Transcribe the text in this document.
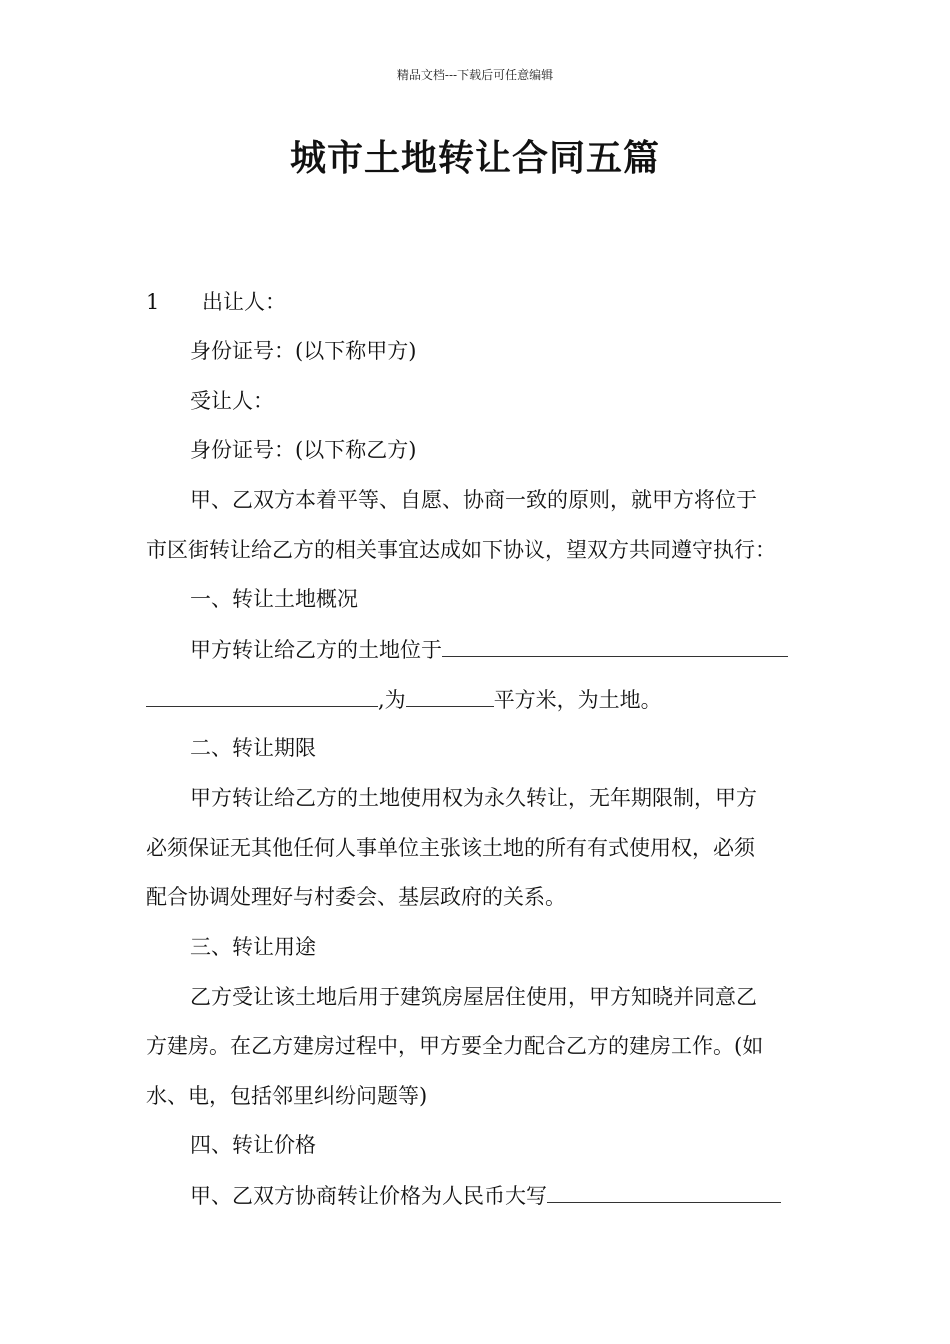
精品文档---下载后可任意编辑
城市土地转让合同五篇
1 出让人：
身份证号：(以下称甲方)
受让人：
身份证号：(以下称乙方)
甲、乙双方本着平等、自愿、协商一致的原则，就甲方将位于
市区街转让给乙方的相关事宜达成如下协议，望双方共同遵守执行：
一、转让土地概况
甲方转让给乙方的土地位于
,为	平方米，为土地。
二、转让期限
甲方转让给乙方的土地使用权为永久转让，无年期限制，甲方
必须保证无其他任何人事单位主张该土地的所有有式使用权，必须
配合协调处理好与村委会、基层政府的关系。
三、转让用途
乙方受让该土地后用于建筑房屋居住使用，甲方知晓并同意乙
方建房。在乙方建房过程中，甲方要全力配合乙方的建房工作。(如
水、电，包括邻里纠纷问题等)
四、转让价格
甲、乙双方协商转让价格为人民币大写
